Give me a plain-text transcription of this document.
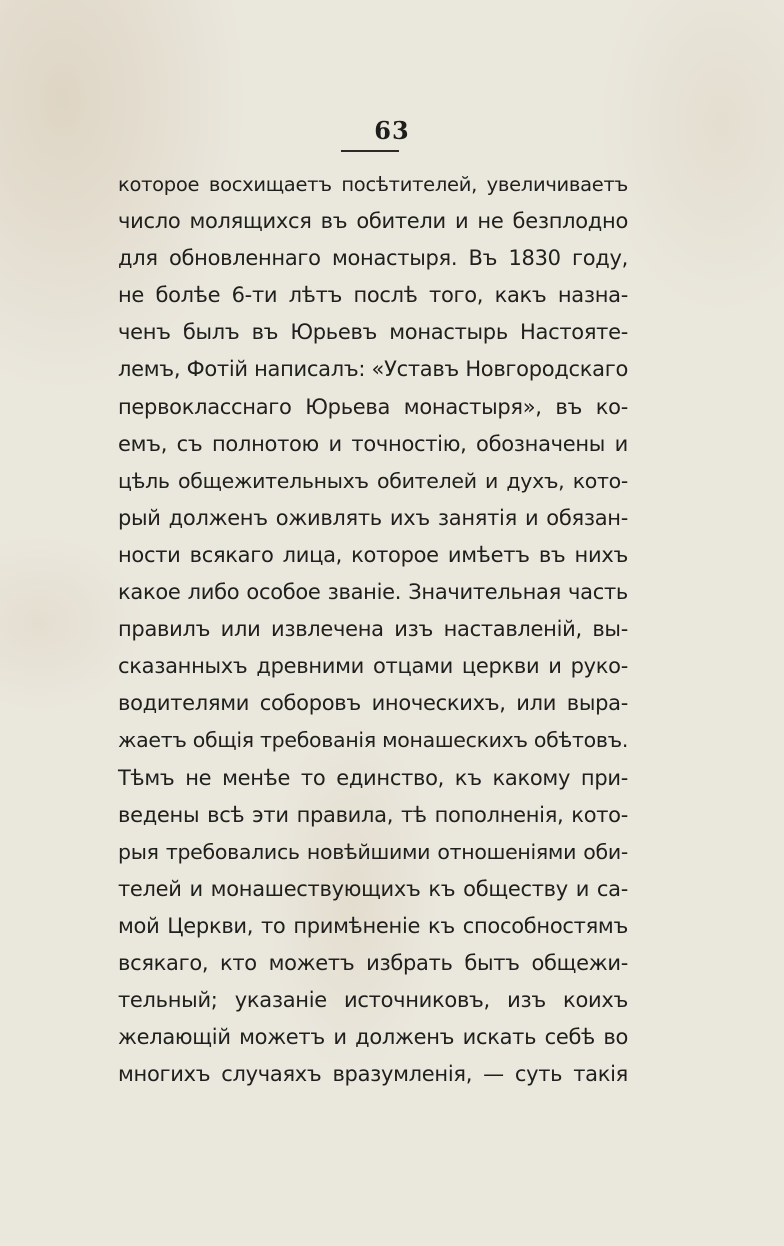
63
которое восхищаетъ посѣтителей, увеличиваетъ
число молящихся въ обители и не безплодно
для обновленнаго монастыря. Въ 1830 году,
не болѣе 6-ти лѣтъ послѣ того, какъ назна-
ченъ былъ въ Юрьевъ монастырь Настояте-
лемъ, Фотій написалъ: «Уставъ Новгородскаго
первокласснаго Юрьева монастыря», въ ко-
емъ, съ полнотою и точностію, обозначены и
цѣль общежительныхъ обителей и духъ, кото-
рый долженъ оживлять ихъ занятія и обязан-
ности всякаго лица, которое имѣетъ въ нихъ
какое либо особое званіе. Значительная часть
правилъ или извлечена изъ наставленій, вы-
сказанныхъ древними отцами церкви и руко-
водителями соборовъ иноческихъ, или выра-
жаетъ общія требованія монашескихъ обѣтовъ.
Тѣмъ не менѣе то единство, къ какому при-
ведены всѣ эти правила, тѣ пополненія, кото-
рыя требовались новѣйшими отношеніями оби-
телей и монашествующихъ къ обществу и са-
мой Церкви, то примѣненіе къ способностямъ
всякаго, кто можетъ избрать бытъ общежи-
тельный; указаніе источниковъ, изъ коихъ
желающій можетъ и долженъ искать себѣ во
многихъ случаяхъ вразумленія, — суть такія
